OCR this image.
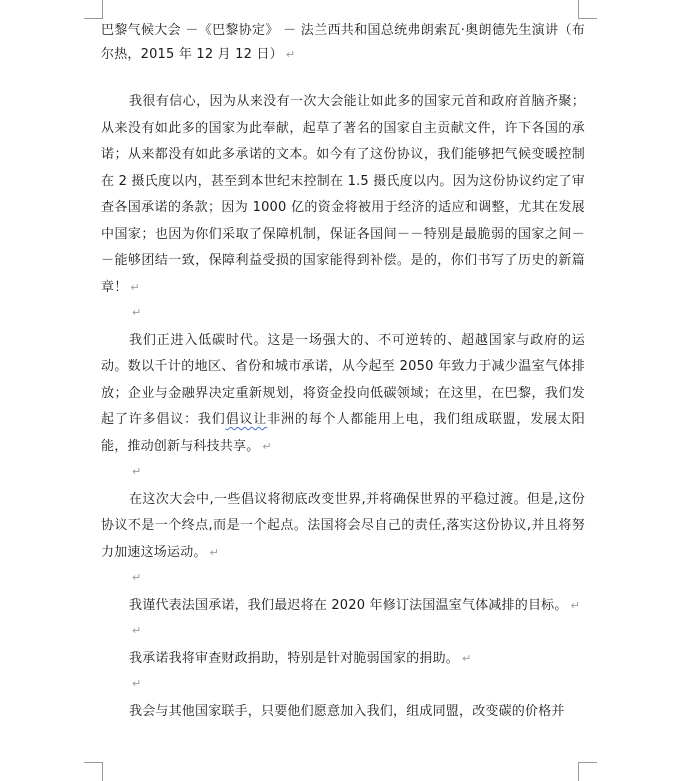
巴黎气候大会 －《巴黎协定》 － 法兰西共和国总统弗朗索瓦·奥朗德先生演讲（布尔热，2015 年 12 月 12 日） ↵

我很有信心，因为从来没有一次大会能让如此多的国家元首和政府首脑齐聚；从来没有如此多的国家为此奉献，起草了著名的国家自主贡献文件，许下各国的承诺；从来都没有如此多承诺的文本。如今有了这份协议，我们能够把气候变暖控制在 2 摄氏度以内，甚至到本世纪末控制在 1.5 摄氏度以内。因为这份协议约定了审查各国承诺的条款；因为 1000 亿的资金将被用于经济的适应和调整，尤其在发展中国家；也因为你们采取了保障机制，保证各国间－－特别是最脆弱的国家之间－－能够团结一致，保障利益受损的国家能得到补偿。是的，你们书写了历史的新篇章！ ↵

↵

我们正进入低碳时代。这是一场强大的、不可逆转的、超越国家与政府的运动。数以千计的地区、省份和城市承诺，从今起至 2050 年致力于减少温室气体排放；企业与金融界决定重新规划，将资金投向低碳领域；在这里，在巴黎，我们发起了许多倡议：我们倡议让非洲的每个人都能用上电，我们组成联盟，发展太阳能，推动创新与科技共享。 ↵

↵

在这次大会中,一些倡议将彻底改变世界,并将确保世界的平稳过渡。但是,这份协议不是一个终点,而是一个起点。法国将会尽自己的责任,落实这份协议,并且将努力加速这场运动。 ↵

↵

我谨代表法国承诺，我们最迟将在 2020 年修订法国温室气体减排的目标。 ↵

↵

我承诺我将审查财政捐助，特别是针对脆弱国家的捐助。 ↵

↵

我会与其他国家联手，只要他们愿意加入我们，组成同盟，改变碳的价格并
